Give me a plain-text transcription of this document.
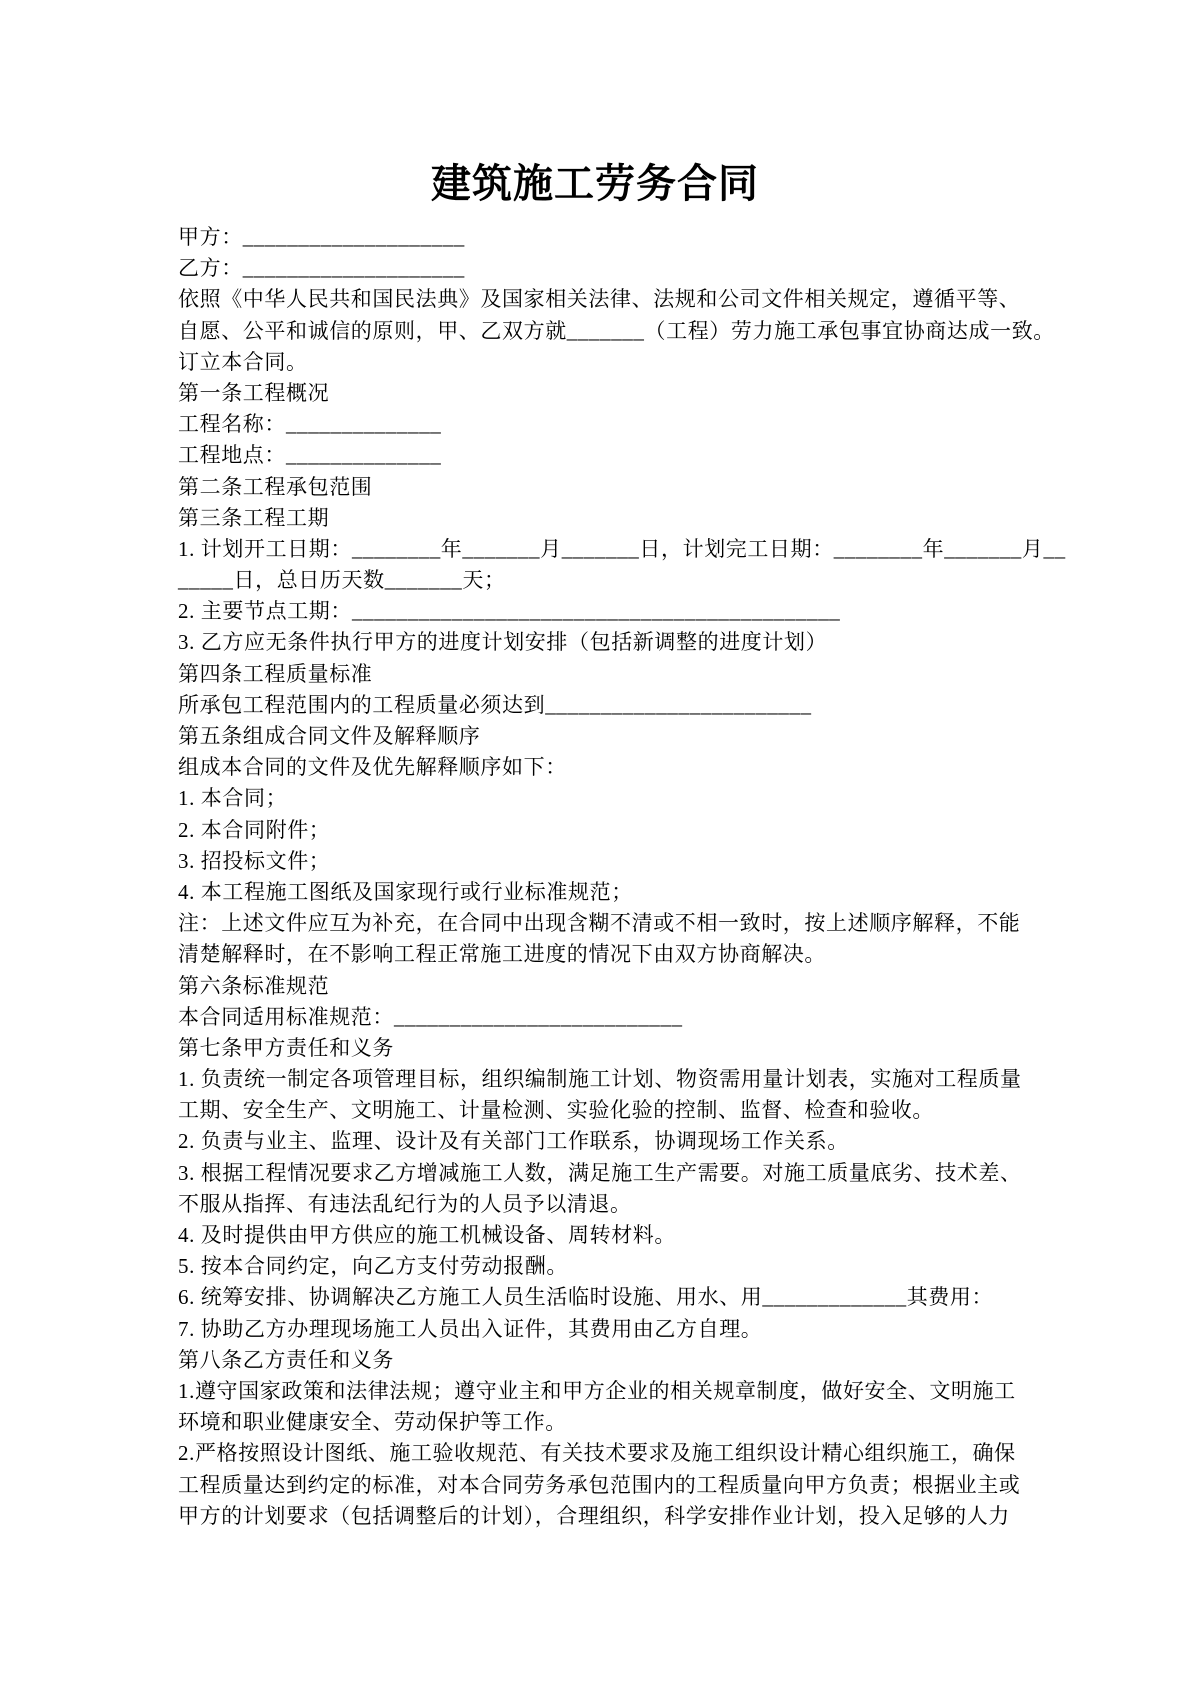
建筑施工劳务合同
甲方：____________________
乙方：____________________
依照《中华人民共和国民法典》及国家相关法律、法规和公司文件相关规定，遵循平等、
自愿、公平和诚信的原则，甲、乙双方就_______（工程）劳力施工承包事宜协商达成一致。
订立本合同。
第一条工程概况
工程名称：______________
工程地点：______________
第二条工程承包范围
第三条工程工期
1. 计划开工日期：________年_______月_______日，计划完工日期：________年_______月__
_____日，总日历天数_______天；
2. 主要节点工期：____________________________________________
3. 乙方应无条件执行甲方的进度计划安排（包括新调整的进度计划）
第四条工程质量标准
所承包工程范围内的工程质量必须达到________________________
第五条组成合同文件及解释顺序
组成本合同的文件及优先解释顺序如下：
1. 本合同；
2. 本合同附件；
3. 招投标文件；
4. 本工程施工图纸及国家现行或行业标准规范；
注：上述文件应互为补充，在合同中出现含糊不清或不相一致时，按上述顺序解释，不能
清楚解释时，在不影响工程正常施工进度的情况下由双方协商解决。
第六条标准规范
本合同适用标准规范：__________________________
第七条甲方责任和义务
1. 负责统一制定各项管理目标，组织编制施工计划、物资需用量计划表，实施对工程质量
工期、安全生产、文明施工、计量检测、实验化验的控制、监督、检查和验收。
2. 负责与业主、监理、设计及有关部门工作联系，协调现场工作关系。
3. 根据工程情况要求乙方增减施工人数，满足施工生产需要。对施工质量底劣、技术差、
不服从指挥、有违法乱纪行为的人员予以清退。
4. 及时提供由甲方供应的施工机械设备、周转材料。
5. 按本合同约定，向乙方支付劳动报酬。
6. 统筹安排、协调解决乙方施工人员生活临时设施、用水、用_____________其费用：
7. 协助乙方办理现场施工人员出入证件，其费用由乙方自理。
第八条乙方责任和义务
1.遵守国家政策和法律法规；遵守业主和甲方企业的相关规章制度，做好安全、文明施工
环境和职业健康安全、劳动保护等工作。
2.严格按照设计图纸、施工验收规范、有关技术要求及施工组织设计精心组织施工，确保
工程质量达到约定的标准，对本合同劳务承包范围内的工程质量向甲方负责；根据业主或
甲方的计划要求（包括调整后的计划），合理组织，科学安排作业计划，投入足够的人力
